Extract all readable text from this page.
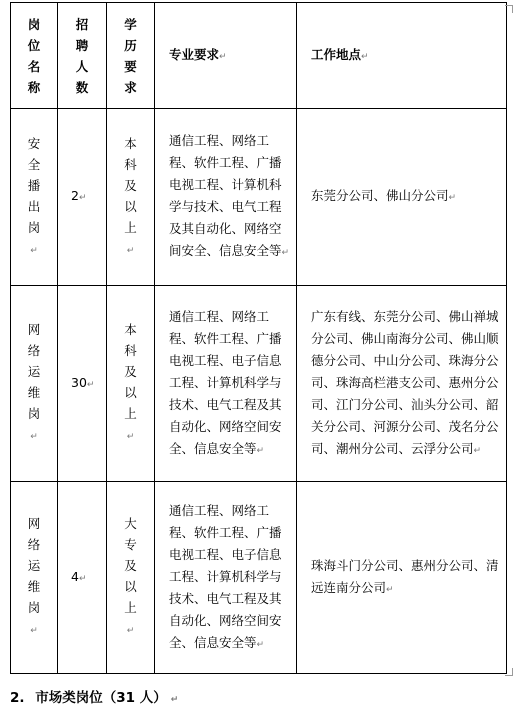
岗位名称	招聘人数	学历要求	专业要求↵	工作地点↵

安全播出岗↵	2↵	本科及以上↵	通信工程、网络工程、软件工程、广播电视工程、计算机科学与技术、电气工程及其自动化、网络空间安全、信息安全等↵	东莞分公司、佛山分公司↵

网络运维岗↵	30↵	本科及以上↵	通信工程、网络工程、软件工程、广播电视工程、电子信息工程、计算机科学与技术、电气工程及其自动化、网络空间安全、信息安全等↵	广东有线、东莞分公司、佛山禅城分公司、佛山南海分公司、佛山顺德分公司、中山分公司、珠海分公司、珠海高栏港支公司、惠州分公司、江门分公司、汕头分公司、韶关分公司、河源分公司、茂名分公司、潮州分公司、云浮分公司↵

网络运维岗↵	4↵	大专及以上↵	通信工程、网络工程、软件工程、广播电视工程、电子信息工程、计算机科学与技术、电气工程及其自动化、网络空间安全、信息安全等↵	珠海斗门分公司、惠州分公司、清远连南分公司↵
2. 市场类岗位（31 人） ↵
